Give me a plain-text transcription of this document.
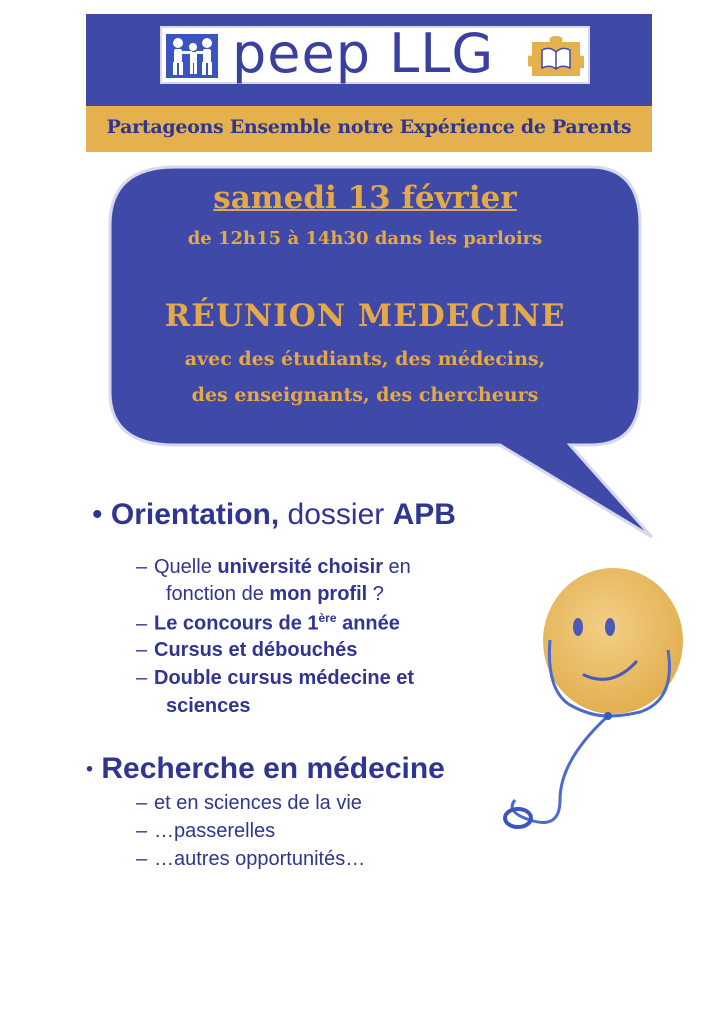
peep LLG
Partageons Ensemble notre Expérience de Parents
samedi 13 février
de 12h15 à 14h30 dans les parloirs
RÉUNION MEDECINE
avec des étudiants, des médecins,
des enseignants, des chercheurs
• Orientation, dossier APB
– Quelle université choisir en
fonction de mon profil ?
– Le concours de 1ère année
– Cursus et débouchés
– Double cursus médecine et
sciences
• Recherche en médecine
– et en sciences de la vie
– …passerelles
– …autres opportunités…
